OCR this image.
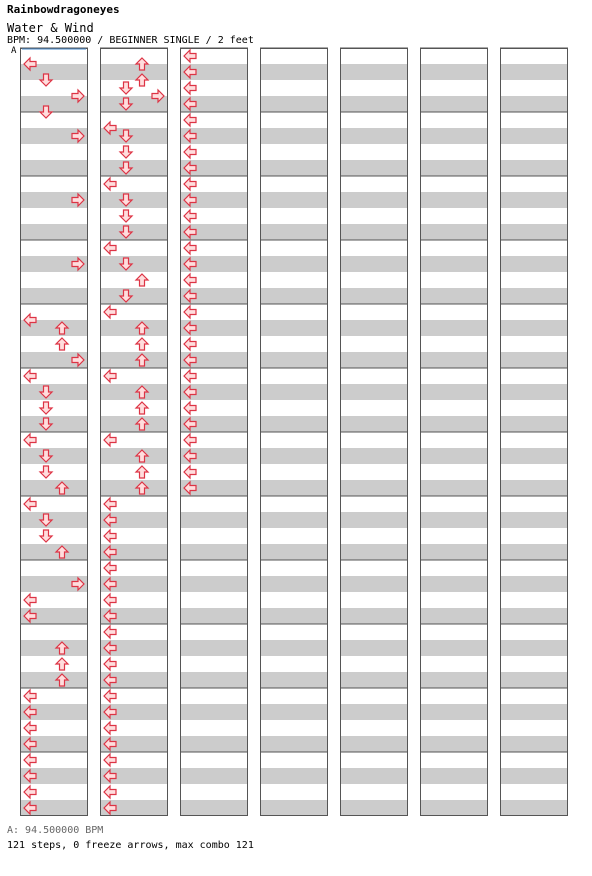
Rainbowdragoneyes
Water & Wind
BPM: 94.500000 / BEGINNER SINGLE / 2 feet
A
A: 94.500000 BPM
121 steps, 0 freeze arrows, max combo 121
